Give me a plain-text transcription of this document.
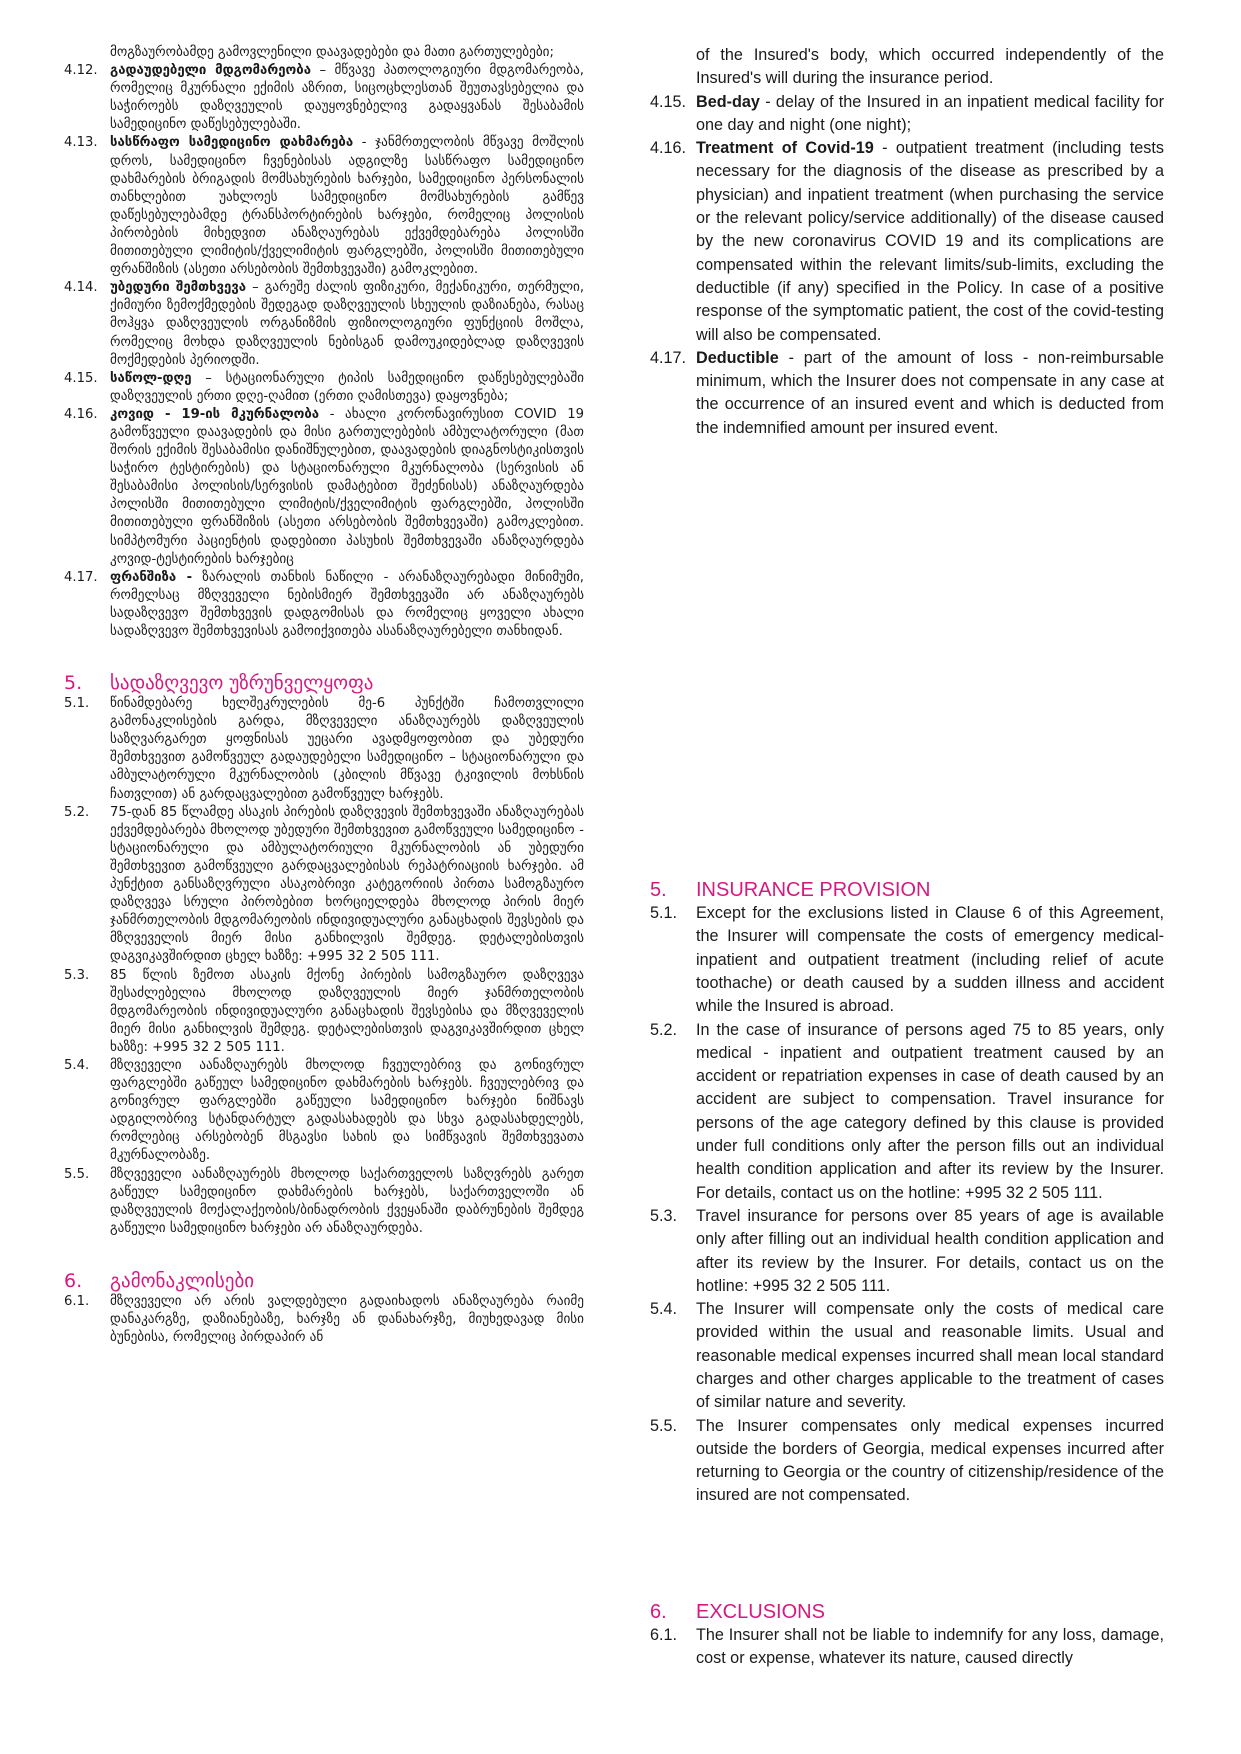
მოგზაურობამდე გამოვლენილი დაავადებები და მათი გართულებები;
4.12. გადაუდებელი მდგომარეობა – მწვავე პათოლოგიური მდგომარეობა, რომელიც მკურნალი ექიმის აზრით, სიცოცხლესთან შეუთავსებელია და საჭიროებს დაზღვეულის დაუყოვნებელივ გადაყვანას შესაბამის სამედიცინო დაწესებულებაში.
4.13. სასწრაფო სამედიცინო დახმარება - ჯანმრთელობის მწვავე მოშლის დროს, სამედიცინო ჩვენებისას ადგილზე სასწრაფო სამედიცინო დახმარების ბრიგადის მომსახურების ხარჯები, სამედიცინო პერსონალის თანხლებით უახლოეს სამედიცინო მომსახურების გამწევ დაწესებულებამდე ტრანსპორტირების ხარჯები, რომელიც პოლისის პირობების მიხედვით ანაზღაურებას ექვემდებარება პოლისში მითითებული ლიმიტის/ქველიმიტის ფარგლებში, პოლისში მითითებული ფრანშიზის (ასეთი არსებობის შემთხვევაში) გამოკლებით.
4.14. უბედური შემთხვევა – გარეშე ძალის ფიზიკური, მექანიკური, თერმული, ქიმიური ზემოქმედების შედეგად დაზღვეულის სხეულის დაზიანება, რასაც მოჰყვა დაზღვეულის ორგანიზმის ფიზიოლოგიური ფუნქციის მოშლა, რომელიც მოხდა დაზღვეულის ნებისგან დამოუკიდებლად დაზღვევის მოქმედების პერიოდში.
4.15. საწოლ-დღე – სტაციონარული ტიპის სამედიცინო დაწესებულებაში დაზღვეულის ერთი დღე-ღამით (ერთი ღამისთევა) დაყოვნება;
4.16. კოვიდ - 19-ის მკურნალობა - ახალი კორონავირუსით COVID 19 გამოწვეული დაავადების და მისი გართულებების ამბულატორული (მათ შორის ექიმის შესაბამისი დანიშნულებით, დაავადების დიაგნოსტიკისთვის საჭირო ტესტირების) და სტაციონარული მკურნალობა (სერვისის ან შესაბამისი პოლისის/სერვისის დამატებით შეძენისას) ანაზღაურდება პოლისში მითითებული ლიმიტის/ქველიმიტის ფარგლებში, პოლისში მითითებული ფრანშიზის (ასეთი არსებობის შემთხვევაში) გამოკლებით. სიმპტომური პაციენტის დადებითი პასუხის შემთხვევაში ანაზღაურდება კოვიდ-ტესტირების ხარჯებიც
4.17. ფრანშიზა - ზარალის თანხის ნაწილი - არანაზღაურებადი მინიმუმი, რომელსაც მზღვეველი ნებისმიერ შემთხვევაში არ ანაზღაურებს სადაზღვევო შემთხვევის დადგომისას და რომელიც ყოველი ახალი სადაზღვევო შემთხვევისას გამოიქვითება ასანაზღაურებელი თანხიდან.
5.	სადაზღვევო უზრუნველყოფა
5.1.	წინამდებარე ხელშეკრულების მე-6 პუნქტში ჩამოთვლილი გამონაკლისების გარდა, მზღვეველი ანაზღაურებს დაზღვეულის საზღვარგარეთ ყოფნისას უეცარი ავადმყოფობით და უბედური შემთხვევით გამოწვეულ გადაუდებელი სამედიცინო – სტაციონარული და ამბულატორული მკურნალობის (კბილის მწვავე ტკივილის მოხსნის ჩათვლით) ან გარდაცვალებით გამოწვეულ ხარჯებს.
5.2.	75-დან 85 წლამდე ასაკის პირების დაზღვევის შემთხვევაში ანაზღაურებას ექვემდებარება მხოლოდ უბედური შემთხვევით გამოწვეული სამედიცინო - სტაციონარული და ამბულატორიული მკურნალობის ან უბედური შემთხვევით გამოწვეული გარდაცვალებისას რეპატრიაციის ხარჯები. ამ პუნქტით განსაზღვრული ასაკობრივი კატეგორიის პირთა სამოგზაურო დაზღვევა სრული პირობებით ხორციელდება მხოლოდ პირის მიერ ჯანმრთელობის მდგომარეობის ინდივიდუალური განაცხადის შევსების და მზღვეველის მიერ მისი განხილვის შემდეგ. დეტალებისთვის დაგვიკავშირდით ცხელ ხაზზე: +995 32 2 505 111.
5.3.	85 წლის ზემოთ ასაკის მქონე პირების სამოგზაურო დაზღვევა შესაძლებელია მხოლოდ დაზღვეულის მიერ ჯანმრთელობის მდგომარეობის ინდივიდუალური განაცხადის შევსებისა და მზღვეველის მიერ მისი განხილვის შემდეგ. დეტალებისთვის დაგვიკავშირდით ცხელ ხაზზე: +995 32 2 505 111.
5.4.	მზღვეველი აანაზღაურებს მხოლოდ ჩვეულებრივ და გონივრულ ფარგლებში გაწეულ სამედიცინო დახმარების ხარჯებს. ჩვეულებრივ და გონივრულ ფარგლებში გაწეული სამედიცინო ხარჯები ნიშნავს ადგილობრივ სტანდარტულ გადასახადებს და სხვა გადასახდელებს, რომლებიც არსებობენ მსგავსი სახის და სიმწვავის შემთხვევათა მკურნალობაზე.
5.5.	მზღვეველი აანაზღაურებს მხოლოდ საქართველოს საზღვრებს გარეთ გაწეულ სამედიცინო დახმარების ხარჯებს, საქართველოში ან დაზღვეულის მოქალაქეობის/ბინადრობის ქვეყანაში დაბრუნების შემდეგ გაწეული სამედიცინო ხარჯები არ ანაზღაურდება.
6.	გამონაკლისები
6.1.	მზღვეველი არ არის ვალდებული გადაიხადოს ანაზღაურება რაიმე დანაკარგზე, დაზიანებაზე, ხარჯზე ან დანახარჯზე, მიუხედავად მისი ბუნებისა, რომელიც პირდაპირ ან
of the Insured's body, which occurred independently of the Insured's will during the insurance period.
4.15. Bed-day - delay of the Insured in an inpatient medical facility for one day and night (one night);
4.16. Treatment of Covid-19 - outpatient treatment (including tests necessary for the diagnosis of the disease as prescribed by a physician) and inpatient treatment (when purchasing the service or the relevant policy/service additionally) of the disease caused by the new coronavirus COVID 19 and its complications are compensated within the relevant limits/sub-limits, excluding the deductible (if any) specified in the Policy. In case of a positive response of the symptomatic patient, the cost of the covid-testing will also be compensated.
4.17. Deductible - part of the amount of loss - non-reimbursable minimum, which the Insurer does not compensate in any case at the occurrence of an insured event and which is deducted from the indemnified amount per insured event.
5.	INSURANCE PROVISION
5.1.	Except for the exclusions listed in Clause 6 of this Agreement, the Insurer will compensate the costs of emergency medical-inpatient and outpatient treatment (including relief of acute toothache) or death caused by a sudden illness and accident while the Insured is abroad.
5.2.	In the case of insurance of persons aged 75 to 85 years, only medical - inpatient and outpatient treatment caused by an accident or repatriation expenses in case of death caused by an accident are subject to compensation. Travel insurance for persons of the age category defined by this clause is provided under full conditions only after the person fills out an individual health condition application and after its review by the Insurer. For details, contact us on the hotline: +995 32 2 505 111.
5.3.	Travel insurance for persons over 85 years of age is available only after filling out an individual health condition application and after its review by the Insurer. For details, contact us on the hotline: +995 32 2 505 111.
5.4.	The Insurer will compensate only the costs of medical care provided within the usual and reasonable limits. Usual and reasonable medical expenses incurred shall mean local standard charges and other charges applicable to the treatment of cases of similar nature and severity.
5.5.	The Insurer compensates only medical expenses incurred outside the borders of Georgia, medical expenses incurred after returning to Georgia or the country of citizenship/residence of the insured are not compensated.
6.	EXCLUSIONS
6.1.	The Insurer shall not be liable to indemnify for any loss, damage, cost or expense, whatever its nature, caused directly
